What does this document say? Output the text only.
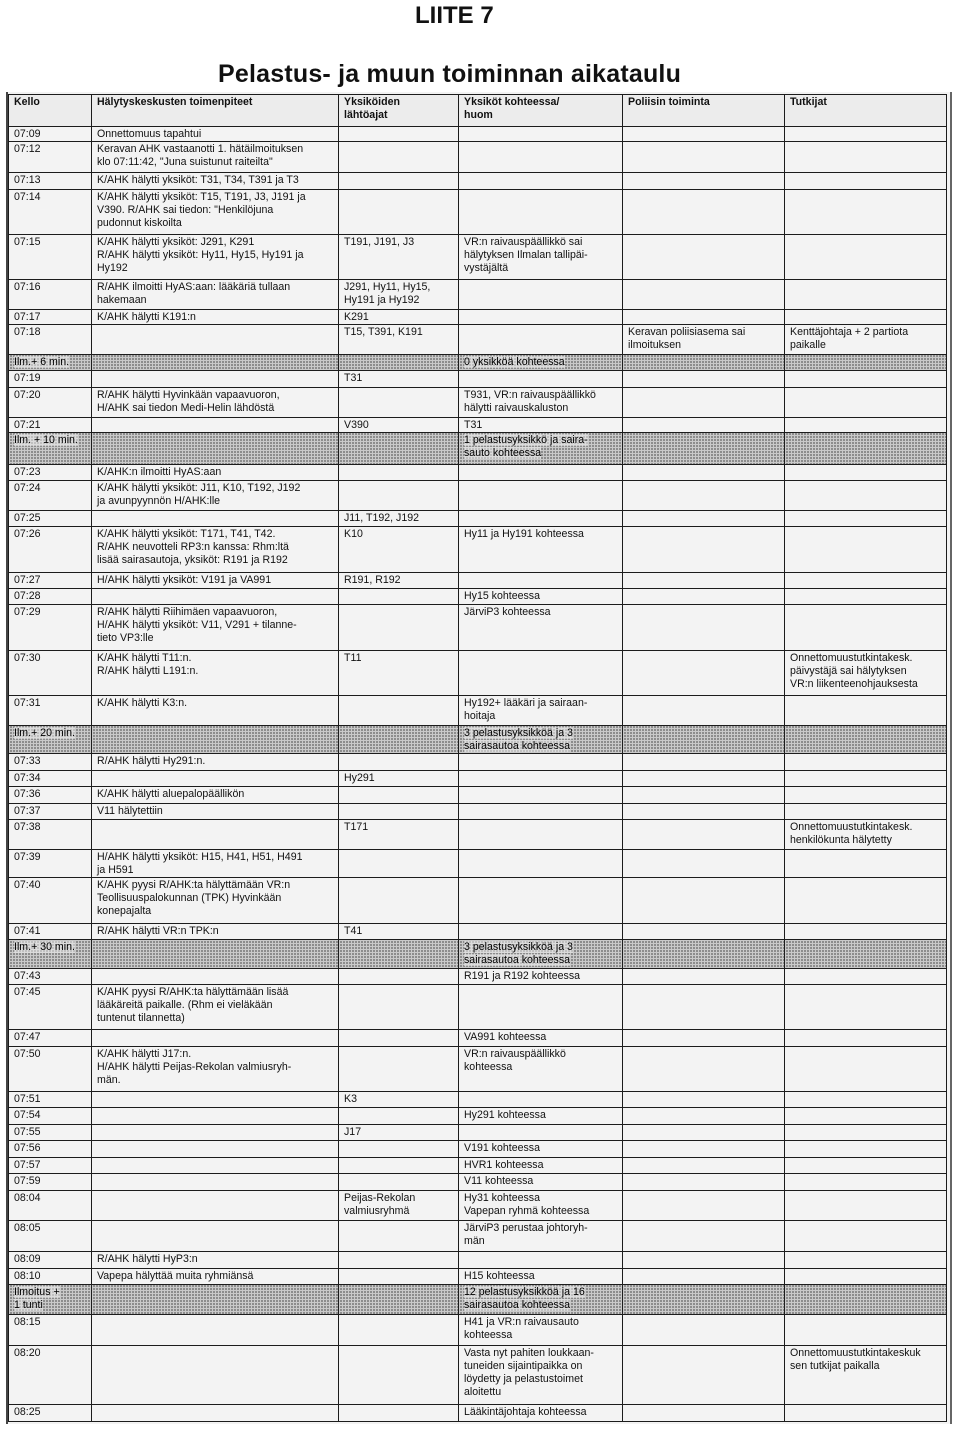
LIITE 7
Pelastus- ja muun toiminnan aikataulu
Kello	Hälytyskeskusten toimenpiteet	Yksiköiden
lähtöajat	Yksiköt kohteessa/
huom	Poliisin toiminta	Tutkijat
07:09	Onnettomuus tapahtui				
07:12	Keravan AHK vastaanotti 1. hätäilmoituksen
klo 07:11:42, "Juna suistunut raiteilta"				
07:13	K/AHK hälytti yksiköt: T31, T34, T391 ja T3				
07:14	K/AHK hälytti yksiköt: T15, T191, J3, J191 ja
V390. R/AHK sai tiedon: "Henkilöjuna
pudonnut kiskoilta				
07:15	K/AHK hälytti yksiköt: J291, K291
R/AHK hälytti yksiköt: Hy11, Hy15, Hy191 ja
Hy192	T191, J191, J3	VR:n raivauspäällikkö sai
hälytyksen Ilmalan tallipäi-
vystäjältä		
07:16	R/AHK ilmoitti HyAS:aan: lääkäriä tullaan
hakemaan	J291, Hy11, Hy15,
Hy191 ja Hy192			
07:17	K/AHK hälytti K191:n	K291			
07:18		T15, T391, K191		Keravan poliisiasema sai
ilmoituksen	Kenttäjohtaja + 2 partiota
paikalle
Ilm.+ 6 min.			0 yksikköä kohteessa		
07:19		T31			
07:20	R/AHK hälytti Hyvinkään vapaavuoron,
H/AHK sai tiedon Medi-Helin lähdöstä		T931, VR:n raivauspäällikkö
hälytti raivauskaluston		
07:21		V390	T31		
Ilm. + 10 min.			1 pelastusyksikkö ja saira-
sauto kohteessa		
07:23	K/AHK:n ilmoitti HyAS:aan				
07:24	K/AHK hälytti yksiköt: J11, K10, T192, J192
ja avunpyynnön H/AHK:lle				
07:25		J11, T192, J192			
07:26	K/AHK hälytti yksiköt: T171, T41, T42.
R/AHK neuvotteli RP3:n kanssa: Rhm:ltä
lisää sairasautoja, yksiköt: R191 ja R192	K10	Hy11 ja Hy191 kohteessa		
07:27	H/AHK hälytti yksiköt: V191 ja VA991	R191, R192			
07:28			Hy15 kohteessa		
07:29	R/AHK hälytti Riihimäen vapaavuoron,
H/AHK hälytti yksiköt: V11, V291 + tilanne-
tieto VP3:lle		JärviP3 kohteessa		
07:30	K/AHK hälytti T11:n.
R/AHK hälytti L191:n.	T11			Onnettomuustutkintakesk.
päivystäjä sai hälytyksen
VR:n liikenteenohjauksesta
07:31	K/AHK hälytti K3:n.		Hy192+ lääkäri ja sairaan-
hoitaja		
Ilm.+ 20 min.			3 pelastusyksikköä ja 3
sairasautoa kohteessa		
07:33	R/AHK hälytti Hy291:n.				
07:34		Hy291			
07:36	K/AHK hälytti aluepalopäällikön				
07:37	V11 hälytettiin				
07:38		T171			Onnettomuustutkintakesk.
henkilökunta hälytetty
07:39	H/AHK hälytti yksiköt: H15, H41, H51, H491
ja H591				
07:40	K/AHK pyysi R/AHK:ta hälyttämään VR:n
Teollisuuspalokunnan (TPK) Hyvinkään
konepajalta				
07:41	R/AHK hälytti VR:n TPK:n	T41			
Ilm.+ 30 min.			3 pelastusyksikköä ja 3
sairasautoa kohteessa		
07:43			R191 ja R192 kohteessa		
07:45	K/AHK pyysi R/AHK:ta hälyttämään lisää
lääkäreitä paikalle. (Rhm ei vieläkään
tuntenut tilannetta)				
07:47			VA991 kohteessa		
07:50	K/AHK hälytti J17:n.
H/AHK hälytti Peijas-Rekolan valmiusryh-
män.		VR:n raivauspäällikkö
kohteessa		
07:51		K3			
07:54			Hy291 kohteessa		
07:55		J17			
07:56			V191 kohteessa		
07:57			HVR1 kohteessa		
07:59			V11 kohteessa		
08:04		Peijas-Rekolan
valmiusryhmä	Hy31 kohteessa
Vapepan ryhmä kohteessa		
08:05			JärviP3 perustaa johtoryh-
män		
08:09	R/AHK hälytti HyP3:n				
08:10	Vapepa hälyttää muita ryhmiänsä		H15 kohteessa		
Ilmoitus +
1 tunti			12 pelastusyksikköä ja 16
sairasautoa kohteessa		
08:15			H41 ja VR:n raivausauto
kohteessa		
08:20			Vasta nyt pahiten loukkaan-
tuneiden sijaintipaikka on
löydetty ja pelastustoimet
aloitettu		Onnettomuustutkintakeskuk
sen tutkijat paikalla
08:25			Lääkintäjohtaja kohteessa		
